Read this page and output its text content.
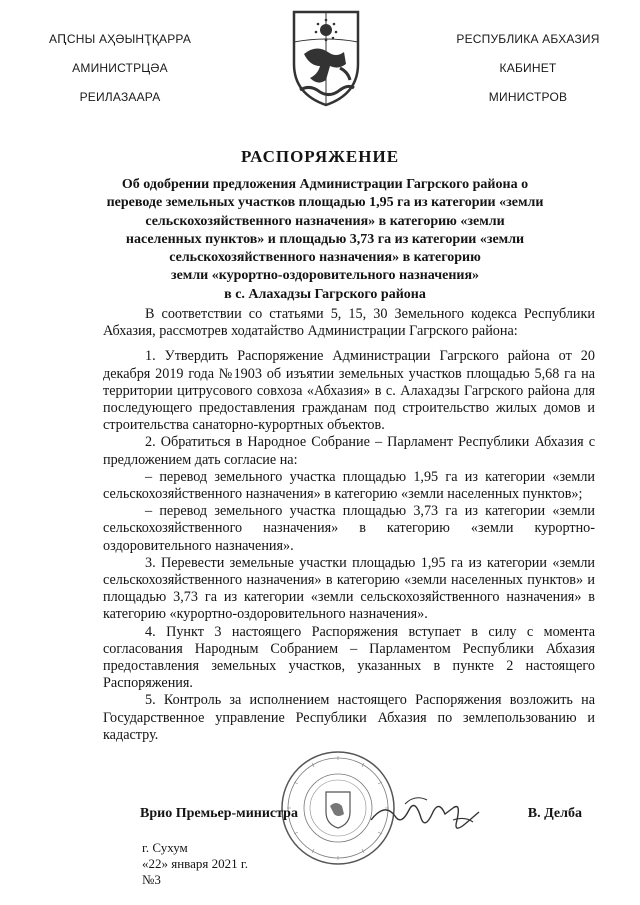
АԤСНЫ АҲӘЫНҬҚАРРА
АМИНИСТРЦӘА
РЕИЛАЗААРА
РЕСПУБЛИКА АБХАЗИЯ
КАБИНЕТ
МИНИСТРОВ
РАСПОРЯЖЕНИЕ
Об одобрении предложения Администрации Гагрского района о
переводе земельных участков площадью 1,95 га из категории «земли
сельскохозяйственного назначения» в категорию «земли
населенных пунктов» и площадью 3,73 га из категории «земли
сельскохозяйственного назначения» в категорию
земли «курортно-оздоровительного назначения»
в с. Алахадзы Гагрского района

В соответствии со статьями 5, 15, 30 Земельного кодекса Республики Абхазия, рассмотрев ходатайство Администрации Гагрского района:

1. Утвердить Распоряжение Администрации Гагрского района от 20 декабря 2019 года №1903 об изъятии земельных участков площадью 5,68 га на территории цитрусового совхоза «Абхазия» в с. Алахадзы Гагрского района для последующего предоставления гражданам под строительство жилых домов и строительства санаторно-курортных объектов.

2. Обратиться в Народное Собрание – Парламент Республики Абхазия с предложением дать согласие на:

– перевод земельного участка площадью 1,95 га из категории «земли сельскохозяйственного назначения» в категорию «земли населенных пунктов»;

– перевод земельного участка площадью 3,73 га из категории «земли сельскохозяйственного назначения» в категорию «земли курортно-оздоровительного назначения».

3. Перевести земельные участки площадью 1,95 га из категории «земли сельскохозяйственного назначения» в категорию «земли населенных пунктов» и площадью 3,73 га из категории «земли сельскохозяйственного назначения» в категорию «курортно-оздоровительного назначения».

4. Пункт 3 настоящего Распоряжения вступает в силу с момента согласования Народным Собранием – Парламентом Республики Абхазия предоставления земельных участков, указанных в пункте 2 настоящего Распоряжения.

5. Контроль за исполнением настоящего Распоряжения возложить на Государственное управление Республики Абхазия по землепользованию и кадастру.

Врио Премьер-министра	В. Делба
г. Сухум
«22» января 2021 г.
№3
